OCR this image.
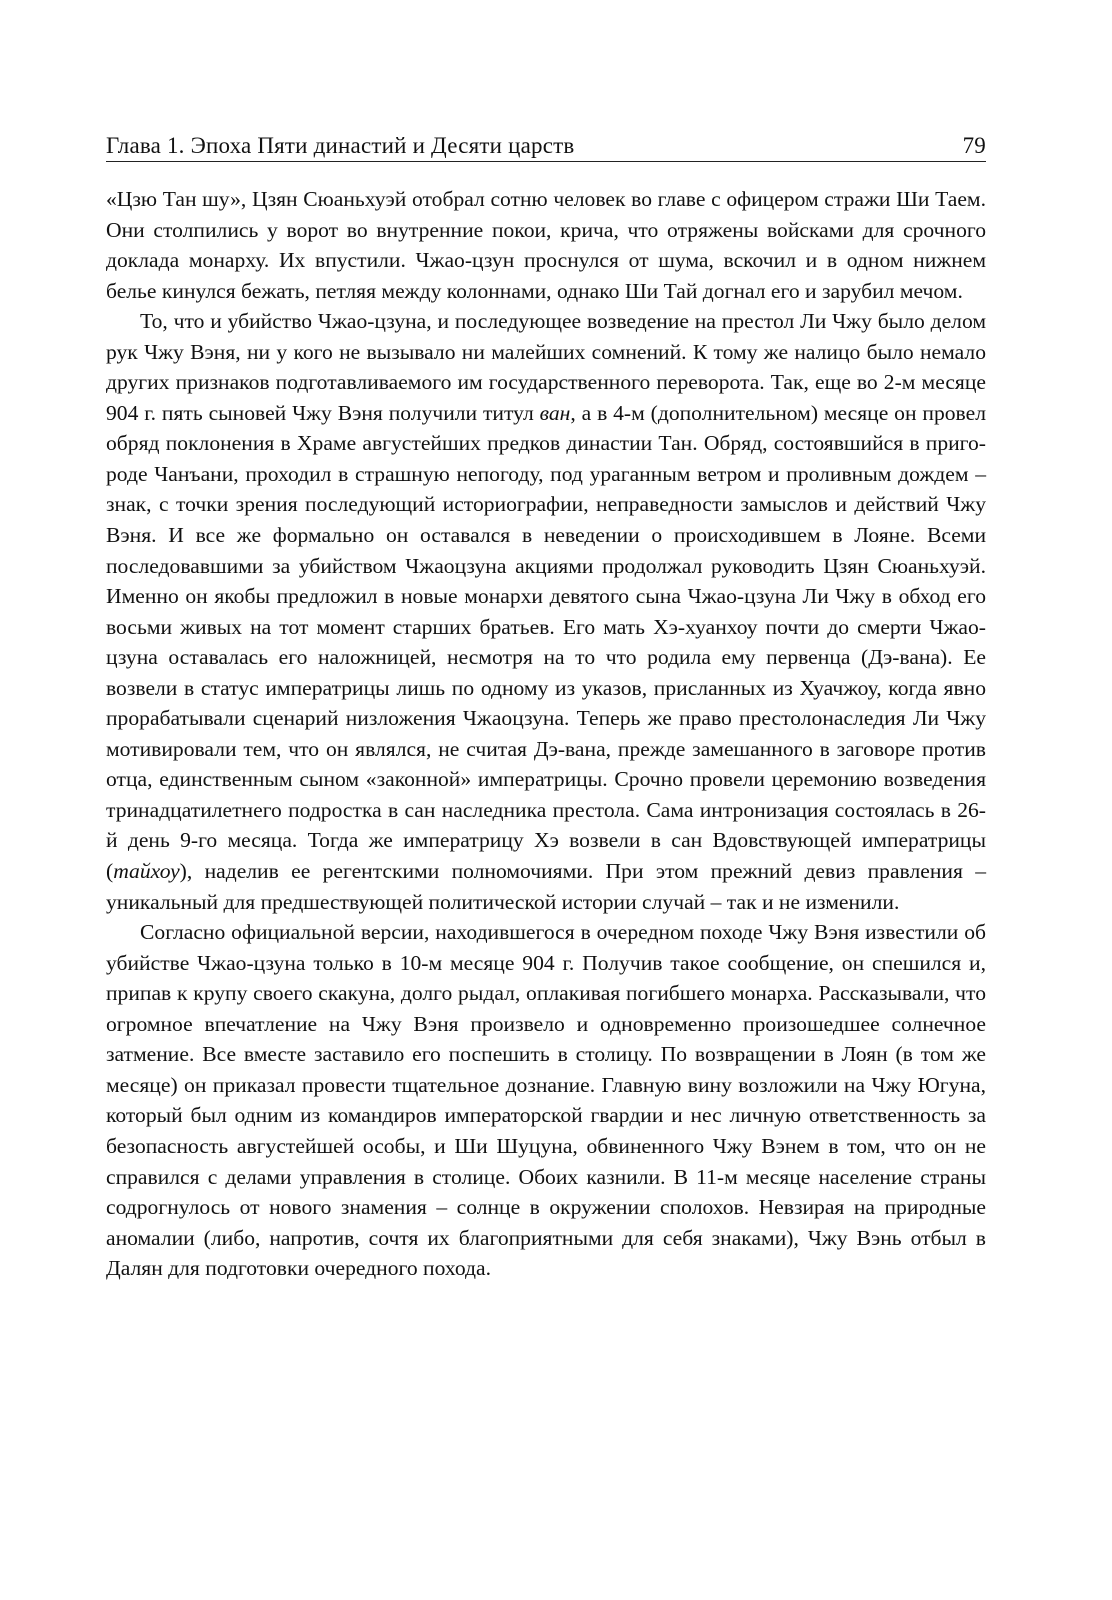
Глава 1. Эпоха Пяти династий и Десяти царств	79

«Цзю Тан шу», Цзян Сюаньхуэй отобрал сотню человек во главе с офицером стражи Ши Таем. Они столпились у ворот во внутренние покои, крича, что отряжены войсками для срочного доклада монарху. Их впустили. Чжао-цзун проснулся от шума, вскочил и в одном нижнем белье кинулся бежать, петляя между колоннами, однако Ши Тай догнал его и зарубил мечом.

То, что и убийство Чжао-цзуна, и последующее возведение на престол Ли Чжу было делом рук Чжу Вэня, ни у кого не вызывало ни малейших сомнений. К тому же налицо было немало других признаков подготавливаемого им государственного переворота. Так, еще во 2-м месяце 904 г. пять сыновей Чжу Вэня получили титул ван, а в 4-м (дополнительном) месяце он провел обряд поклонения в Храме августейших предков династии Тан. Обряд, состоявшийся в пригороде Чанъани, проходил в страшную непогоду, под ураганным ветром и проливным дождем – знак, с точки зрения последующий историографии, неправедности замыслов и действий Чжу Вэня. И все же формально он оставался в неведении о происходившем в Лояне. Всеми последовавшими за убийством Чжаоцзуна акциями продолжал руководить Цзян Сюаньхуэй. Именно он якобы предложил в новые монархи девятого сына Чжао-цзуна Ли Чжу в обход его восьми живых на тот момент старших братьев. Его мать Хэ-хуанхоу почти до смерти Чжао-цзуна оставалась его наложницей, несмотря на то что родила ему первенца (Дэ-вана). Ее возвели в статус императрицы лишь по одному из указов, присланных из Хуачжоу, когда явно прорабатывали сценарий низложения Чжаоцзуна. Теперь же право престолонаследия Ли Чжу мотивировали тем, что он являлся, не считая Дэ-вана, прежде замешанного в заговоре против отца, единственным сыном «законной» императрицы. Срочно провели церемонию возведения тринадцатилетнего подростка в сан наследника престола. Сама интронизация состоялась в 26-й день 9-го месяца. Тогда же императрицу Хэ возвели в сан Вдовствующей императрицы (тайхоу), наделив ее регентскими полномочиями. При этом прежний девиз правления – уникальный для предшествующей политической истории случай – так и не изменили.

Согласно официальной версии, находившегося в очередном походе Чжу Вэня известили об убийстве Чжао-цзуна только в 10-м месяце 904 г. Получив такое сообщение, он спешился и, припав к крупу своего скакуна, долго рыдал, оплакивая погибшего монарха. Рассказывали, что огромное впечатление на Чжу Вэня произвело и одновременно произошедшее солнечное затмение. Все вместе заставило его поспешить в столицу. По возвращении в Лоян (в том же месяце) он приказал провести тщательное дознание. Главную вину возложили на Чжу Югуна, который был одним из командиров императорской гвардии и нес личную ответственность за безопасность августейшей особы, и Ши Шуцуна, обвиненного Чжу Вэнем в том, что он не справился с делами управления в столице. Обоих казнили. В 11-м месяце население страны содрогнулось от нового знамения – солнце в окружении сполохов. Невзирая на природные аномалии (либо, напротив, сочтя их благоприятными для себя знаками), Чжу Вэнь отбыл в Далян для подготовки очередного похода.
